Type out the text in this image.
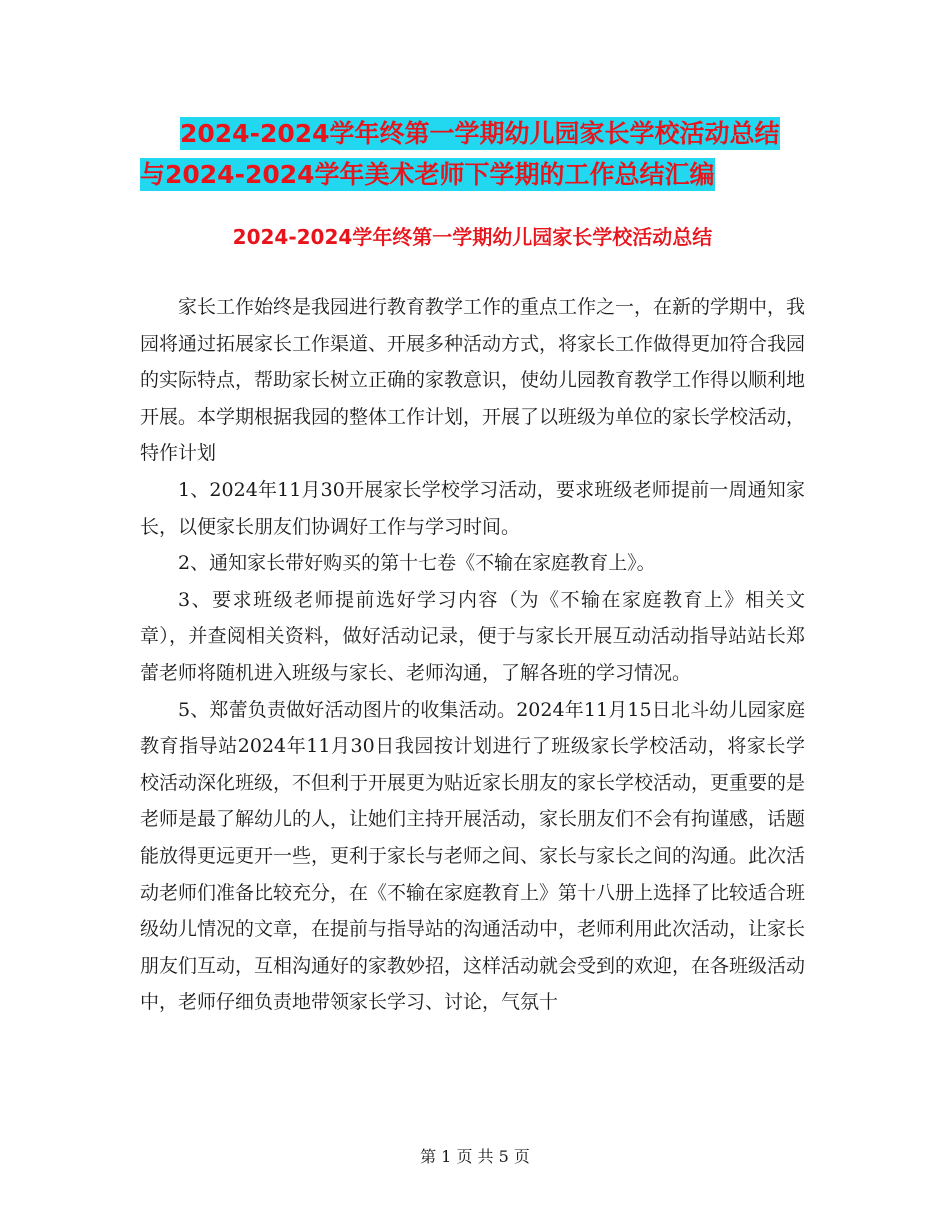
2024-2024学年终第一学期幼儿园家长学校活动总结
与2024-2024学年美术老师下学期的工作总结汇编
2024-2024学年终第一学期幼儿园家长学校活动总结

家长工作始终是我园进行教育教学工作的重点工作之一，在新的学期中，我园将通过拓展家长工作渠道、开展多种活动方式，将家长工作做得更加符合我园的实际特点，帮助家长树立正确的家教意识，使幼儿园教育教学工作得以顺利地开展。本学期根据我园的整体工作计划，开展了以班级为单位的家长学校活动，特作计划

1、2024年11月30开展家长学校学习活动，要求班级老师提前一周通知家长，以便家长朋友们协调好工作与学习时间。

2、通知家长带好购买的第十七卷《不输在家庭教育上》。

3、要求班级老师提前选好学习内容（为《不输在家庭教育上》相关文章），并查阅相关资料，做好活动记录，便于与家长开展互动活动指导站站长郑蕾老师将随机进入班级与家长、老师沟通，了解各班的学习情况。

5、郑蕾负责做好活动图片的收集活动。2024年11月15日北斗幼儿园家庭教育指导站2024年11月30日我园按计划进行了班级家长学校活动，将家长学校活动深化班级，不但利于开展更为贴近家长朋友的家长学校活动，更重要的是老师是最了解幼儿的人，让她们主持开展活动，家长朋友们不会有拘谨感，话题能放得更远更开一些，更利于家长与老师之间、家长与家长之间的沟通。此次活动老师们准备比较充分，在《不输在家庭教育上》第十八册上选择了比较适合班级幼儿情况的文章，在提前与指导站的沟通活动中，老师利用此次活动，让家长朋友们互动，互相沟通好的家教妙招，这样活动就会受到的欢迎，在各班级活动中，老师仔细负责地带领家长学习、讨论，气氛十

第 1 页 共 5 页
